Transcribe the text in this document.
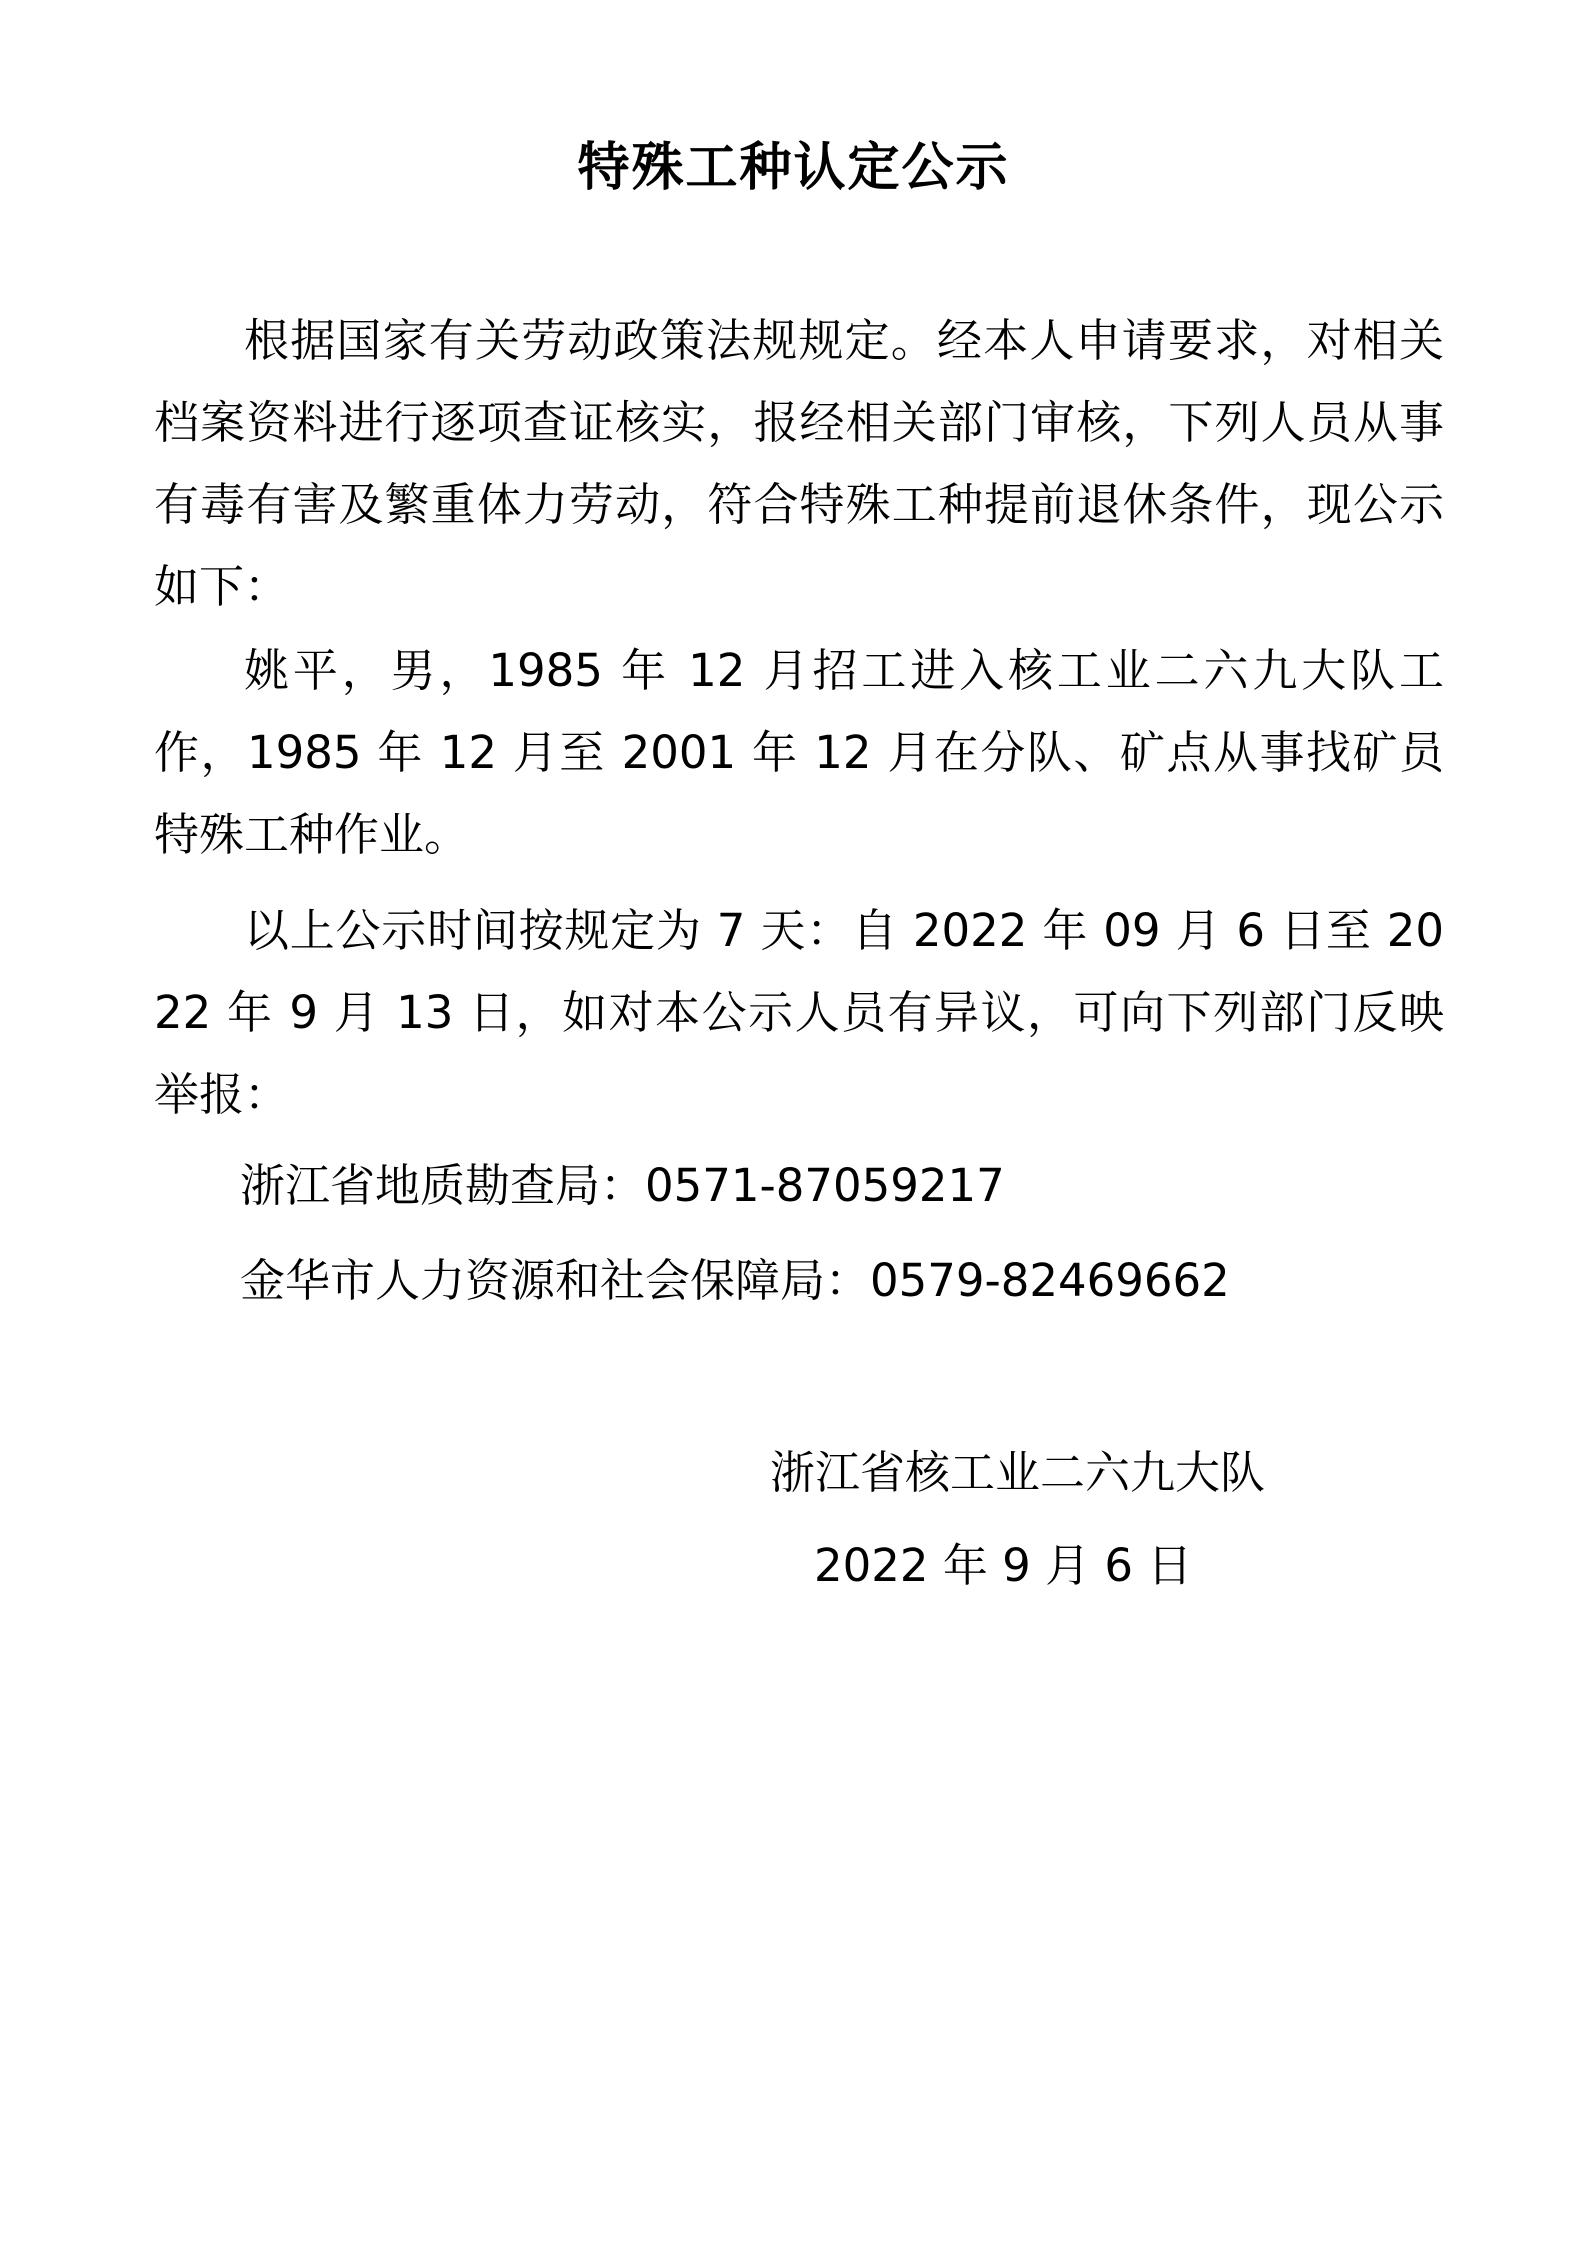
特殊工种认定公示

根据国家有关劳动政策法规规定。经本人申请要求，对相关档案资料进行逐项查证核实，报经相关部门审核，下列人员从事有毒有害及繁重体力劳动，符合特殊工种提前退休条件，现公示如下：

姚平，男，1985 年 12 月招工进入核工业二六九大队工作，1985 年 12 月至 2001 年 12 月在分队、矿点从事找矿员特殊工种作业。

以上公示时间按规定为 7 天：自 2022 年 09 月 6 日至 2022 年 9 月 13 日，如对本公示人员有异议，可向下列部门反映举报：

浙江省地质勘查局：0571-87059217

金华市人力资源和社会保障局：0579-82469662

浙江省核工业二六九大队

2022 年 9 月 6 日
